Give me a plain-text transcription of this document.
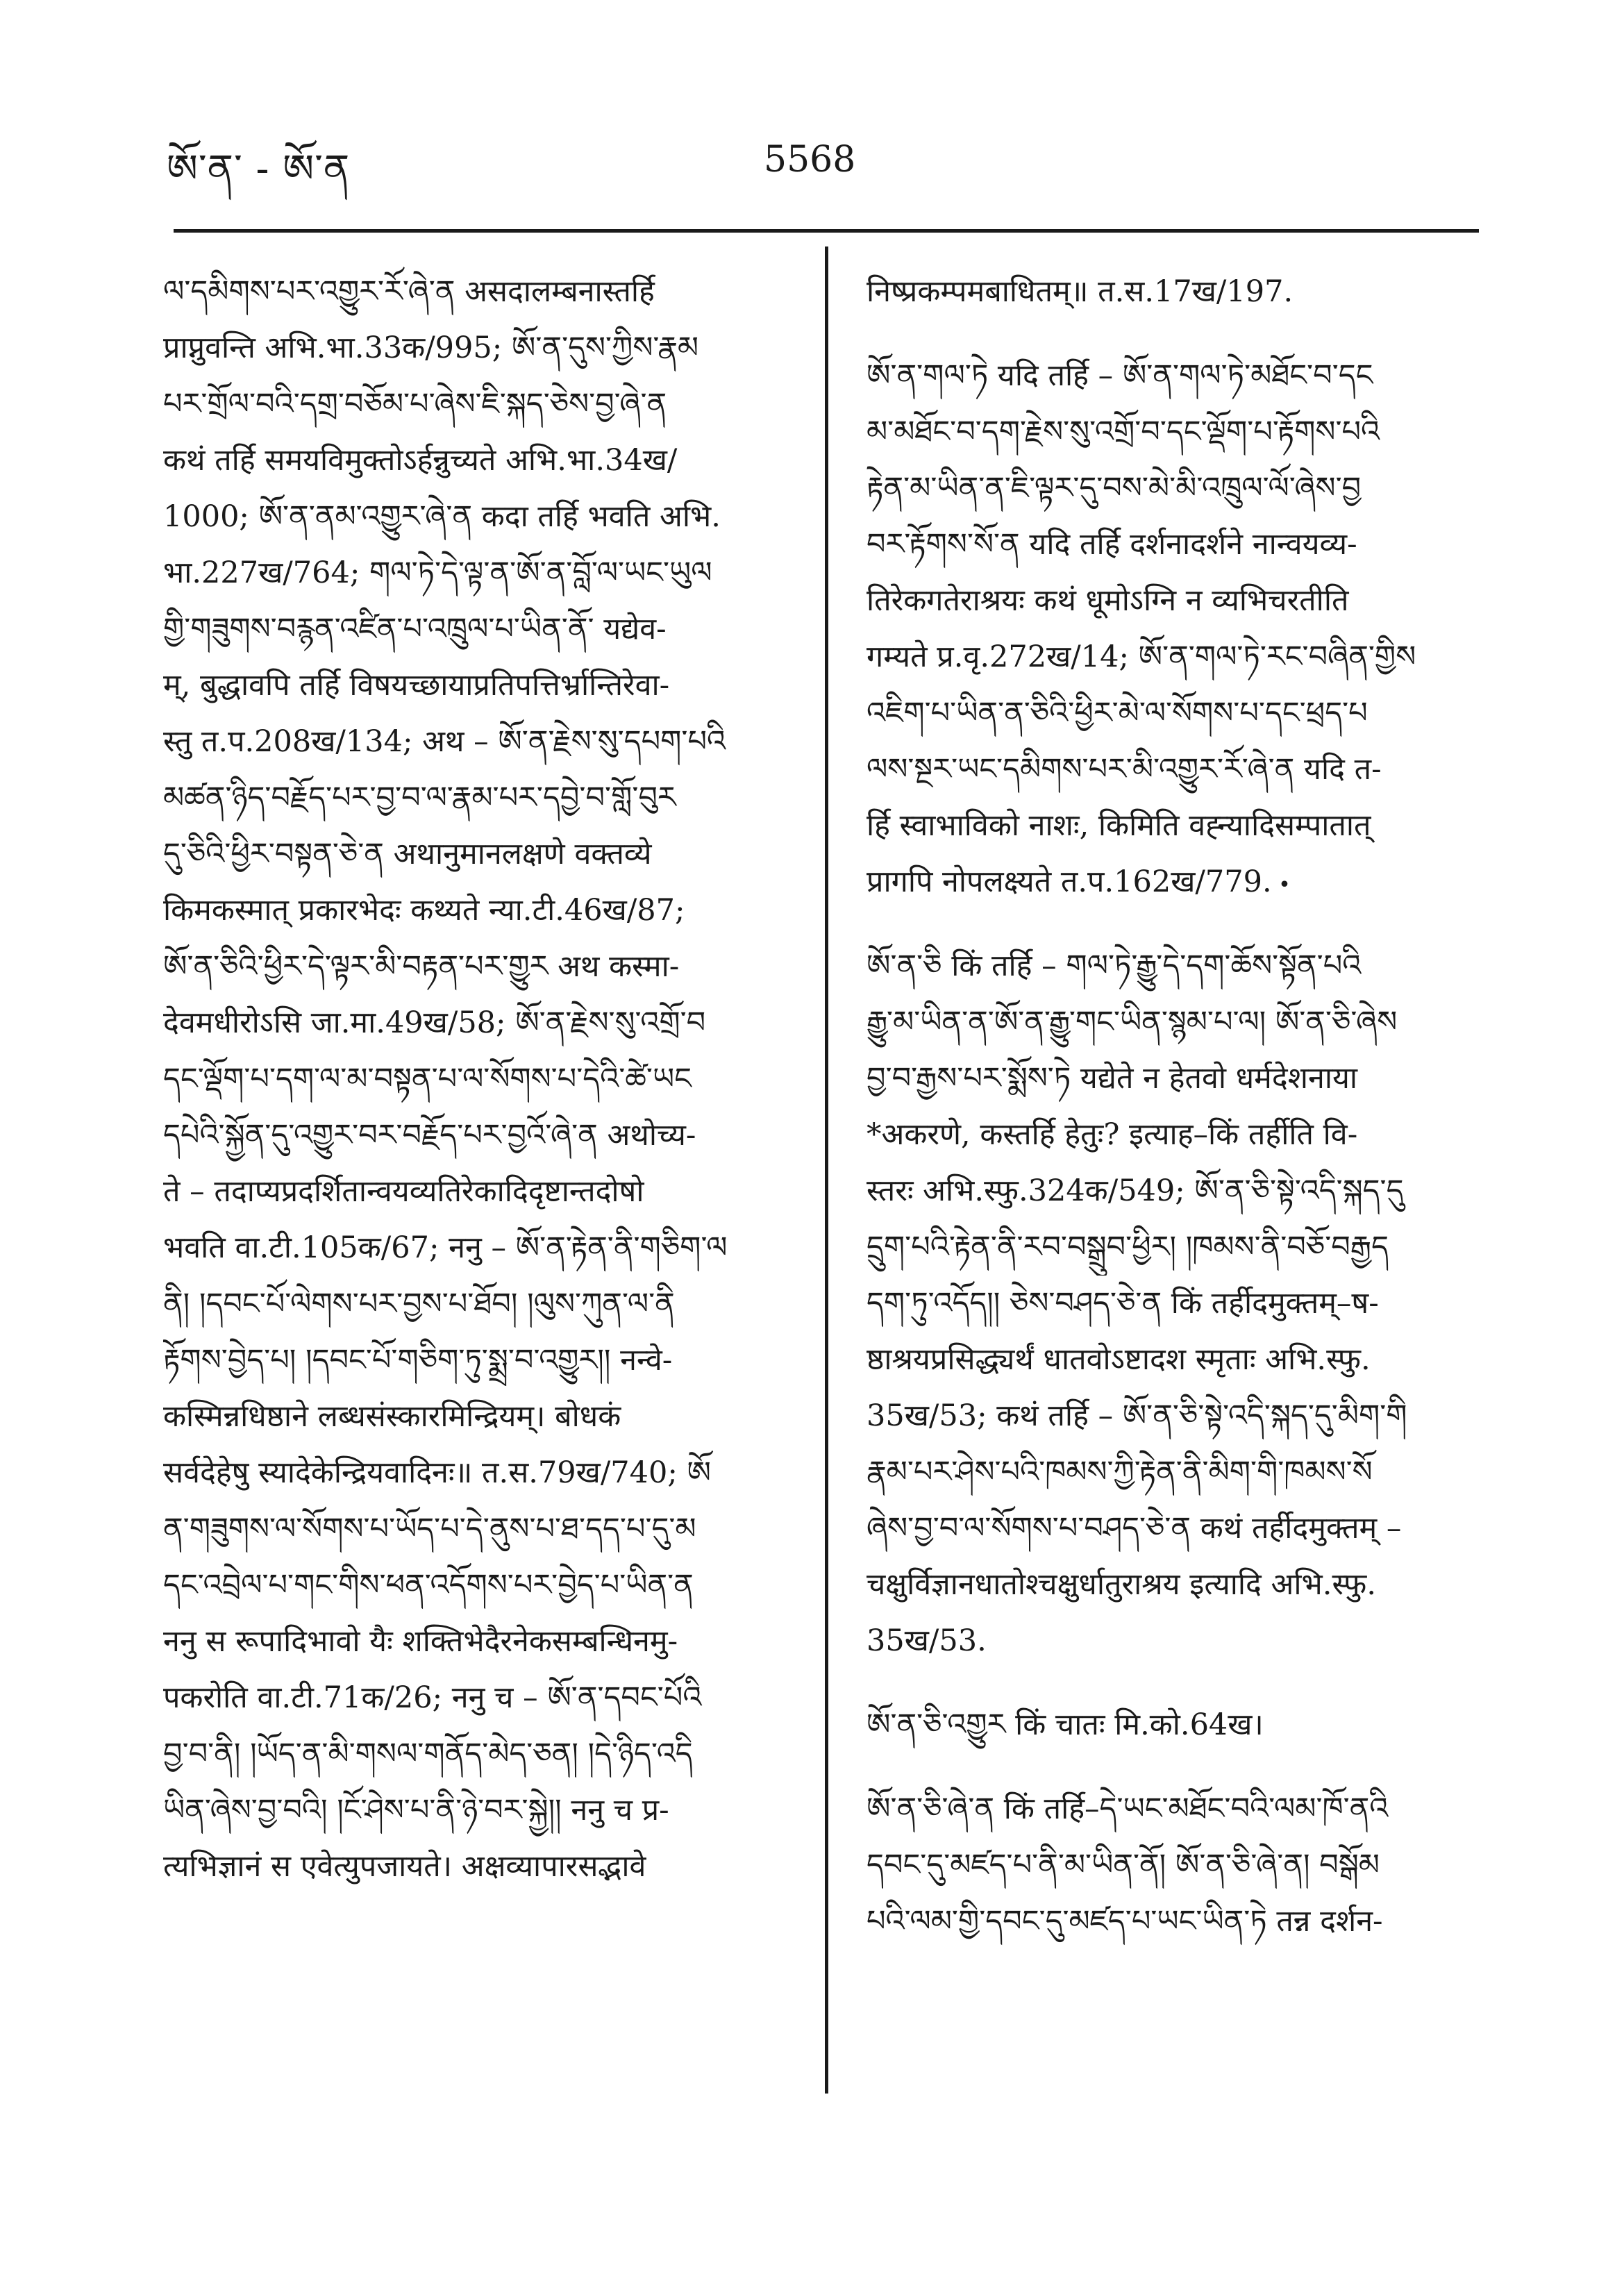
ཨོ་ན་ - ཨོ་ན	5568
ལ་དམིགས་པར་འགྱུར་རོ་ཞེ་ན असदालम्बनास्तर्हि
प्राप्नुवन्ति अभि.भा.33क/995; ཨོ་ན་དུས་ཀྱིས་རྣམ
པར་གྲོལ་བའི་དགྲ་བཅོམ་པ་ཞེས་ཇི་སྐད་ཅེས་བྱ་ཞེ་ན
कथं तर्हि समयविमुक्तोऽर्हन्नुच्यते अभि.भा.34ख/
1000; ཨོ་ན་ནམ་འགྱུར་ཞེ་ན कदा तर्हि भवति अभि.
भा.227ख/764; གལ་ཏེ་དེ་ལྟ་ན་ཨོ་ན་བློ་ལ་ཡང་ཡུལ
གྱི་གཟུགས་བརྙན་འཛིན་པ་འཁྲུལ་པ་ཡིན་ནོ་ यद्येव-
म्, बुद्धावपि तर्हि विषयच्छायाप्रतिपत्तिर्भ्रान्तिरेवा-
स्तु त.प.208ख/134; अथ – ཨོ་ན་རྗེས་སུ་དཔག་པའི
མཚན་ཉིད་བརྗོད་པར་བྱ་བ་ལ་རྣམ་པར་དབྱེ་བ་གློ་བུར
དུ་ཅིའི་ཕྱིར་བསྟན་ཅེ་ན अथानुमानलक्षणे वक्तव्ये
किमकस्मात् प्रकारभेदः कथ्यते न्या.टी.46ख/87;
ཨོ་ན་ཅིའི་ཕྱིར་དེ་ལྟར་མི་བརྟན་པར་གྱུར अथ कस्मा-
देवमधीरोऽसि जा.मा.49ख/58; ཨོ་ན་རྗེས་སུ་འགྲོ་བ
དང་ལྡོག་པ་དག་ལ་མ་བསྟན་པ་ལ་སོགས་པ་དེའི་ཚེ་ཡང
དཔེའི་སྐྱོན་དུ་འགྱུར་བར་བརྗོད་པར་བྱའོ་ཞེ་ན अथोच्य-
ते – तदाप्यप्रदर्शितान्वयव्यतिरेकादिदृष्टान्तदोषो
भवति वा.टी.105क/67; ननु – ཨོ་ན་རྟེན་ནི་གཅིག་ལ
ནི། །དབང་པོ་ལེགས་པར་བྱས་པ་ཐོབ། །ལུས་ཀུན་ལ་ནི
རྟོགས་བྱེད་པ། །དབང་པོ་གཅིག་ཏུ་སྨྲ་བ་འགྱུར།། नन्वे-
कस्मिन्नधिष्ठाने लब्धसंस्कारमिन्द्रियम्। बोधकं
सर्वदेहेषु स्यादेकेन्द्रियवादिनः॥ त.स.79ख/740; ཨོ
ན་གཟུགས་ལ་སོགས་པ་ཡོད་པ་དེ་ནུས་པ་ཐ་དད་པ་དུ་མ
དང་འབྲེལ་པ་གང་གིས་ཕན་འདོགས་པར་བྱེད་པ་ཡིན་ན
ननु स रूपादिभावो यैः शक्तिभेदैरनेकसम्बन्धिनमु-
पकरोति वा.टी.71क/26; ननु च – ཨོ་ན་དབང་པོའི
བྱ་བ་ནི། །ཡོད་ན་མི་གསལ་གནོད་མེད་ཅན། །དེ་ཉིད་འདི
ཡིན་ཞེས་བྱ་བའི། །ངོ་ཤེས་པ་ནི་ཉེ་བར་སྐྱེ།། ननु च प्र-
त्यभिज्ञानं स एवेत्युपजायते। अक्षव्यापारसद्भावे
निष्प्रकम्पमबाधितम्॥ त.स.17ख/197.
ཨོ་ན་གལ་ཏེ यदि तर्हि – ཨོ་ན་གལ་ཏེ་མཐོང་བ་དང
མ་མཐོང་བ་དག་རྗེས་སུ་འགྲོ་བ་དང་ལྡོག་པ་རྟོགས་པའི
རྟེན་མ་ཡིན་ན་ཇི་ལྟར་དུ་བས་མེ་མི་འཁྲུལ་ལོ་ཞེས་བྱ
བར་རྟོགས་སོ་ན यदि तर्हि दर्शनादर्शने नान्वयव्य-
तिरेकगतेराश्रयः कथं धूमोऽग्नि न व्यभिचरतीति
गम्यते प्र.वृ.272ख/14; ཨོ་ན་གལ་ཏེ་རང་བཞིན་གྱིས
འཇིག་པ་ཡིན་ན་ཅིའི་ཕྱིར་མེ་ལ་སོགས་པ་དང་ཕྲད་པ
ལས་སྔར་ཡང་དམིགས་པར་མི་འགྱུར་རོ་ཞེ་ན यदि त-
र्हि स्वाभाविको नाशः, किमिति वह्न्यादिसम्पातात्
प्रागपि नोपलक्ष्यते त.प.162ख/779. •
ཨོ་ན་ཅི किं तर्हि – གལ་ཏེ་རྒྱུ་དེ་དག་ཆོས་སྟོན་པའི
རྒྱུ་མ་ཡིན་ན་ཨོ་ན་རྒྱུ་གང་ཡིན་སྙམ་པ་ལ། ཨོ་ན་ཅི་ཞེས
བྱ་བ་རྒྱས་པར་སྨོས་ཏེ यद्येते न हेतवो धर्मदेशनाया
*अकरणे, कस्तर्हि हेतुः? इत्याह–किं तर्हीति वि-
स्तरः अभि.स्फु.324क/549; ཨོ་ན་ཅི་སྟེ་འདི་སྐད་དུ
དྲུག་པའི་རྟེན་ནི་རབ་བསྒྲུབ་ཕྱིར། །ཁམས་ནི་བཅོ་བརྒྱད
དག་ཏུ་འདོད།། ཅེས་བཤད་ཅེ་ན किं तर्हीदमुक्तम्–ष-
ष्ठाश्रयप्रसिद्ध्यर्थं धातवोऽष्टादश स्मृताः अभि.स्फु.
35ख/53; कथं तर्हि – ཨོ་ན་ཅི་སྟེ་འདི་སྐད་དུ་མིག་གི
རྣམ་པར་ཤེས་པའི་ཁམས་ཀྱི་རྟེན་ནི་མིག་གི་ཁམས་སོ
ཞེས་བྱ་བ་ལ་སོགས་པ་བཤད་ཅེ་ན कथं तर्हीदमुक्तम् –
चक्षुर्विज्ञानधातोश्चक्षुर्धातुराश्रय इत्यादि अभि.स्फु.
35ख/53.
ཨོ་ན་ཅི་འགྱུར किं चातः मि.को.64ख।
ཨོ་ན་ཅི་ཞེ་ན किं तर्हि–དེ་ཡང་མཐོང་བའི་ལམ་ཁོ་ནའི
དབང་དུ་མཛད་པ་ནི་མ་ཡིན་ནོ། ཨོ་ན་ཅི་ཞེ་ན། བསྒོམ
པའི་ལམ་གྱི་དབང་དུ་མཛད་པ་ཡང་ཡིན་ཏེ तन्न दर्शन-
